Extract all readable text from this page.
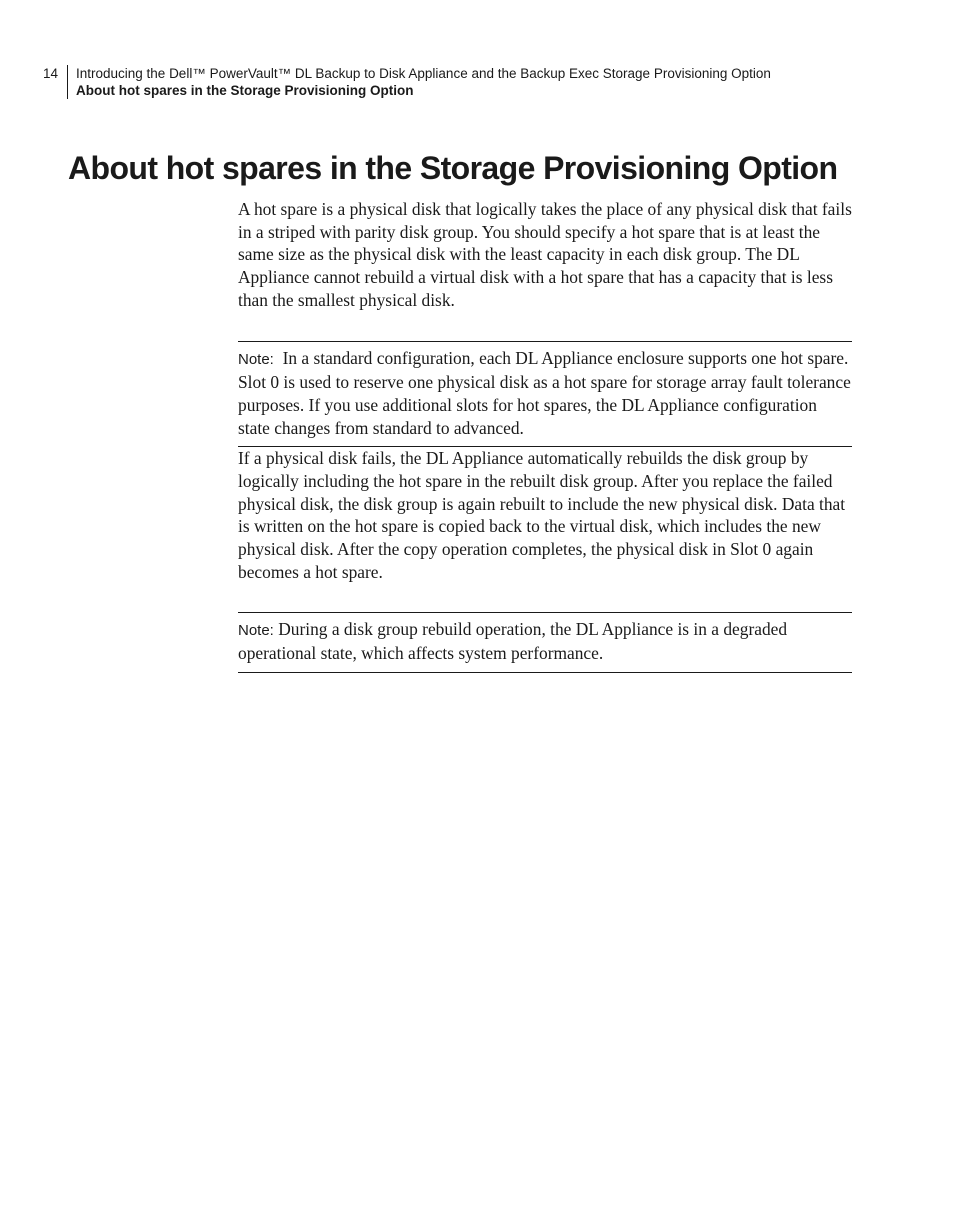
14 Introducing the Dell™ PowerVault™ DL Backup to Disk Appliance and the Backup Exec Storage Provisioning Option
About hot spares in the Storage Provisioning Option
About hot spares in the Storage Provisioning Option

A hot spare is a physical disk that logically takes the place of any physical disk that fails in a striped with parity disk group. You should specify a hot spare that is at least the same size as the physical disk with the least capacity in each disk group. The DL Appliance cannot rebuild a virtual disk with a hot spare that has a capacity that is less than the smallest physical disk.

Note: In a standard configuration, each DL Appliance enclosure supports one hot spare. Slot 0 is used to reserve one physical disk as a hot spare for storage array fault tolerance purposes. If you use additional slots for hot spares, the DL Appliance configuration state changes from standard to advanced.

If a physical disk fails, the DL Appliance automatically rebuilds the disk group by logically including the hot spare in the rebuilt disk group. After you replace the failed physical disk, the disk group is again rebuilt to include the new physical disk. Data that is written on the hot spare is copied back to the virtual disk, which includes the new physical disk. After the copy operation completes, the physical disk in Slot 0 again becomes a hot spare.

Note: During a disk group rebuild operation, the DL Appliance is in a degraded operational state, which affects system performance.
